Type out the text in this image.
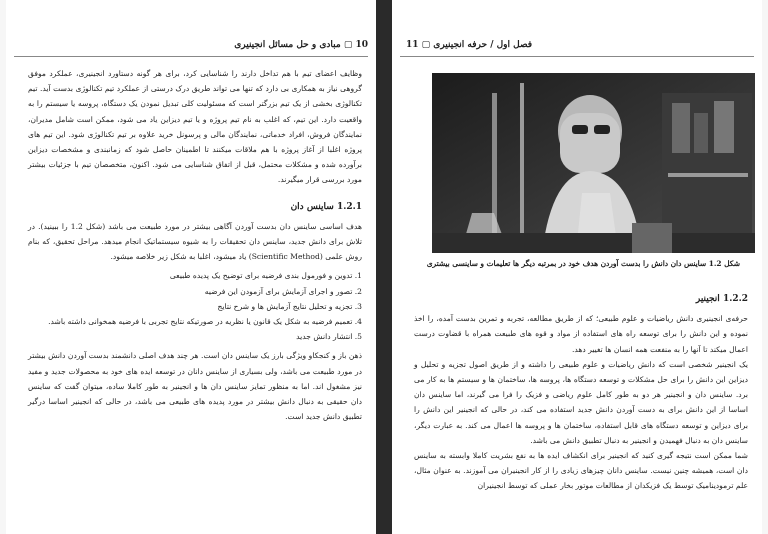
10 ▢ مبادی و حل مسائل انجینیری

وظایف اعضای تیم با هم تداخل دارند را شناسایی کرد، برای هر گونه دستاورد انجینیری، عملکرد موفق گروهی نیاز به همکاری بی دارد که تنها می تواند طریق درک درستی از عملکرد تیم تکنالوژی بدست آید. تیم تکنالوژی بخشی از یک تیم بزرگتر است که مسئولیت کلی تبدیل نمودن یک دستگاه، پروسه یا سیستم را به واقعیت دارد. این تیم، که اغلب به نام تیم پروژه و یا تیم دیزاین یاد می شود، ممکن است شامل مدیران، نمایندگان فروش، افراد خدماتی، نمایندگان مالی و پرسونل خرید علاوه بر تیم تکنالوژی شود. این تیم های پروژه اغلبا از آغاز پروژه با هم ملاقات میکنند تا اطمینان حاصل شود که زمانبندی و مشخصات دیزاین برآورده شده و مشکلات محتمل، قبل از اتفاق شناسایی می شود. اکنون، متخصصان تیم با جزئیات بیشتر مورد بررسی قرار میگیرند.

1.2.1 ساینس دان

هدف اساسی ساینس دان بدست آوردن آگاهی بیشتر در مورد طبیعت می باشد (شکل 1.2 را ببینید). در تلاش برای دانش جدید، ساینس دان تحقیقات را به شیوه سیستماتیک انجام میدهد. مراحل تحقیق، که بنام روش علمی (Scientific Method) یاد میشود، اغلبا به شکل زیر خلاصه میشود.

1. تدوین و فورمول بندی فرضیه برای توضیح یک پدیده طبیعی

2. تصور و اجرای آزمایش برای آزمودن این فرضیه

3. تجزیه و تحلیل نتایج آزمایش ها و شرح نتایج

4. تعمیم فرضیه به شکل یک قانون یا نظریه در صورتیکه نتایج تجربی با فرضیه همخوانی داشته باشد.

5. انتشار دانش جدید

ذهن باز و کنجکاو ویژگی بارز یک ساینس دان است. هر چند هدف اصلی دانشمند بدست آوردن دانش بیشتر در مورد طبیعت می باشد، ولی بسیاری از ساینس دانان در توسعه ایده های خود به محصولات جدید و مفید نیز مشغول اند. اما به منظور تمایز ساینس دان ها و انجینیر به طور کاملا ساده، میتوان گفت که ساینس دان حقیقی به دنبال دانش بیشتر در مورد پدیده های طبیعی می باشد، در حالی که انجینیر اساسا درگیر تطبیق دانش جدید است.

فصل اول / حرفه انجینیری ▢ 11
شکل 1.2 ساینس دان دانش را بدست آوردن هدف خود در بمرتبه دیگر ها تعلیمات و ساینسی بیشتری
1.2.2 انجینیر

حرفه‌ی انجینیری دانش ریاضیات و علوم طبیعی؛ که از طریق مطالعه، تجربه و تمرین بدست آمده، را اخذ نموده و این دانش را برای توسعه راه های استفاده از مواد و قوه های طبیعت همراه با قضاوت درست اعمال میکند تا آنها را به منفعت همه انسان ها تغییر دهد.

یک انجینیر شخصی است که دانش ریاضیات و علوم طبیعی را داشته و از طریق اصول تجزیه و تحلیل و دیزاین این دانش را برای حل مشکلات و توسعه دستگاه ها، پروسه ها، ساختمان ها و سیستم ها به کار می برد. ساینس دان و انجینیر هر دو به طور کامل علوم ریاضی و فزیک را فرا می گیرند، اما ساینس دان اساسا از این دانش برای به دست آوردن دانش جدید استفاده می کند، در حالی که انجینیر این دانش را برای دیزاین و توسعه دستگاه های قابل استفاده، ساختمان ها و پروسه ها اعمال می کند. به عبارت دیگر، ساینس دان به دنبال فهمیدن و انجینیر به دنبال تطبیق دانش می باشد.

شما ممکن است نتیجه گیری کنید که انجینیر برای انکشاف ایده ها به نفع بشریت کاملا وابسته به ساینس دان است، همیشه چنین نیست. ساینس دانان چیزهای زیادی را از کار انجینیران می آموزند. به عنوان مثال، علم ترمودینامیک توسط یک فزیکدان از مطالعات موتور بخار عملی که توسط انجینیران
